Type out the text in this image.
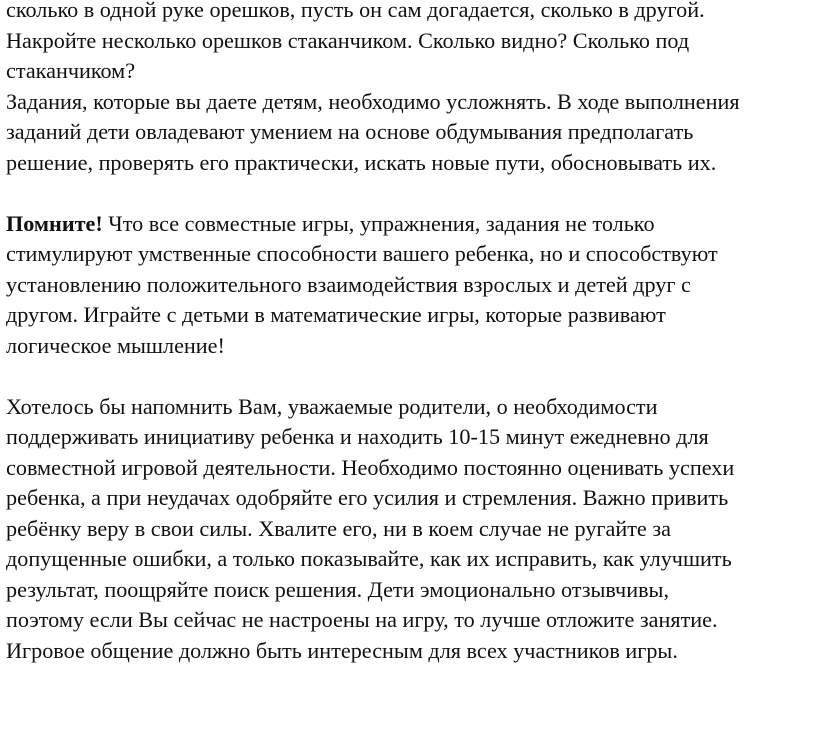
сколько в одной руке орешков, пусть он сам догадается, сколько в другой.
Накройте несколько орешков стаканчиком. Сколько видно? Сколько под
стаканчиком?

Задания, которые вы даете детям, необходимо усложнять. В ходе выполнения
заданий дети овладевают умением на основе обдумывания предполагать
решение, проверять его практически, искать новые пути, обосновывать их.

Помните! Что все совместные игры, упражнения, задания не только
стимулируют умственные способности вашего ребенка, но и способствуют
установлению положительного взаимодействия взрослых и детей друг с
другом. Играйте с детьми в математические игры, которые развивают
логическое мышление!

Хотелось бы напомнить Вам, уважаемые родители, о необходимости
поддерживать инициативу ребенка и находить 10-15 минут ежедневно для
совместной игровой деятельности. Необходимо постоянно оценивать успехи
ребенка, а при неудачах одобряйте его усилия и стремления. Важно привить
ребёнку веру в свои силы. Хвалите его, ни в коем случае не ругайте за
допущенные ошибки, а только показывайте, как их исправить, как улучшить
результат, поощряйте поиск решения. Дети эмоционально отзывчивы,
поэтому если Вы сейчас не настроены на игру, то лучше отложите занятие.
Игровое общение должно быть интересным для всех участников игры.
